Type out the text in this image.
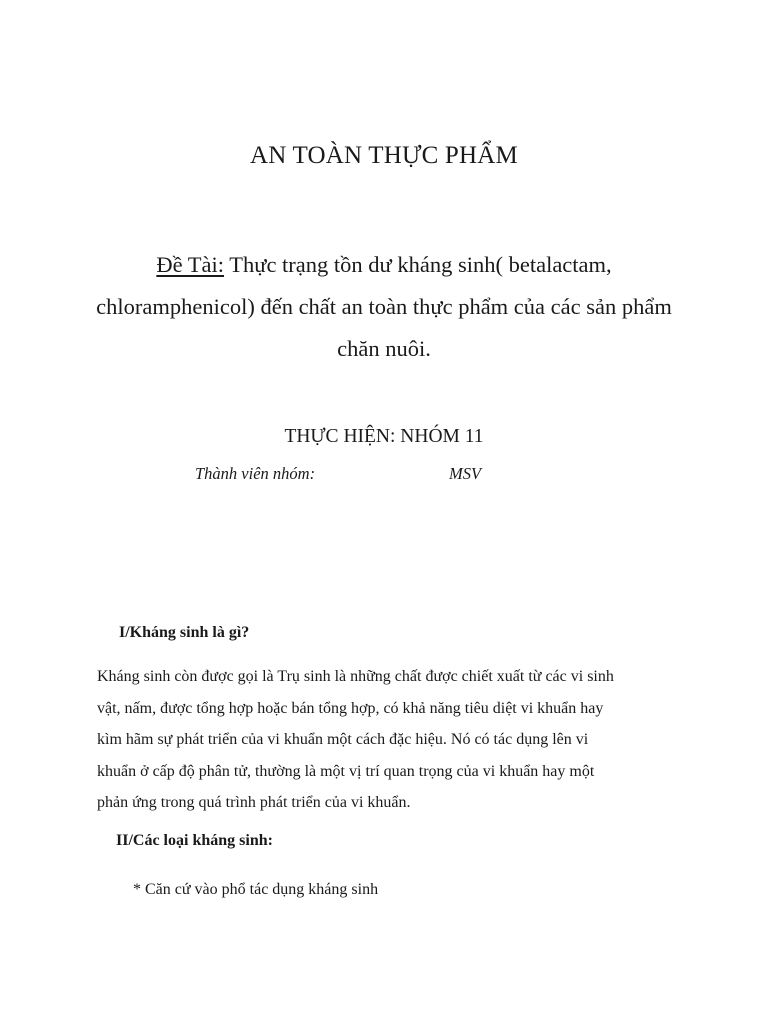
AN TOÀN THỰC PHẨM
Đề Tài: Thực trạng tồn dư kháng sinh( betalactam,
chloramphenicol) đến chất an toàn thực phẩm của các sản phẩm
chăn nuôi.
THỰC HIỆN: NHÓM 11
Thành viên nhóm:	MSV
I/Kháng sinh là gì?
Kháng sinh còn được gọi là Trụ sinh là những chất được chiết xuất từ các vi sinh
vật, nấm, được tổng hợp hoặc bán tổng hợp, có khả năng tiêu diệt vi khuẩn hay
kìm hãm sự phát triển của vi khuẩn một cách đặc hiệu. Nó có tác dụng lên vi
khuẩn ở cấp độ phân tử, thường là một vị trí quan trọng của vi khuẩn hay một
phản ứng trong quá trình phát triển của vi khuẩn.
II/Các loại kháng sinh:
* Căn cứ vào phổ tác dụng kháng sinh
